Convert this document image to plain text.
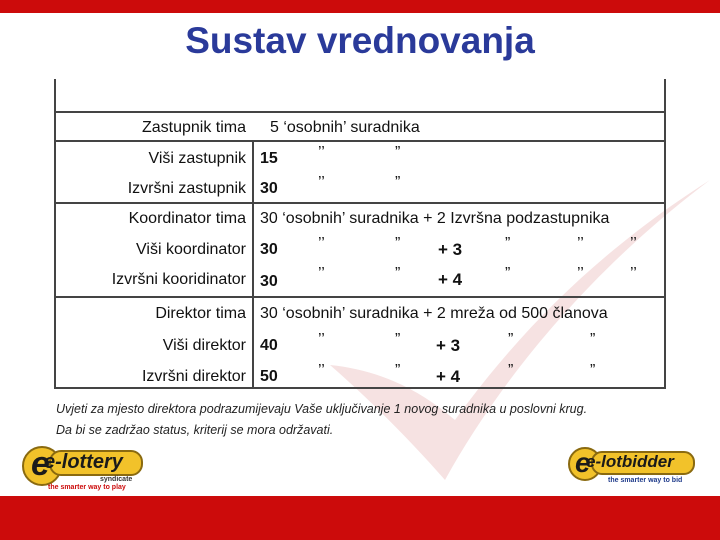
Sustav vrednovanja
Zastupnik tima 5 ‘osobnih’ suradnika
Viši zastupnik 15	’’	”
Izvršni zastupnik 30	’’	”
Koordinator tima 30 ‘osobnih’ suradnika + 2 Izvršna podzastupnika
Viši koordinator 30	’’	” + 3	”	’’	’’
Izvršni kooridinator 30	’’	” + 4	”	’’	’’
Direktor tima 30 ‘osobnih’ suradnika + 2 mreža od 500 članova
Viši direktor 40	’’	” + 3	”	”
Izvršni direktor 50	’’	” + 4	”	”
Uvjeti za mjesto direktora podrazumijevaju Vaše uključivanje 1 novog suradnika u poslovni krug.
Da bi se zadržao status, kriterij se mora održavati.
e
e-lottery
syndicate
the smarter way to play
e
e-lotbidder
the smarter way to bid
